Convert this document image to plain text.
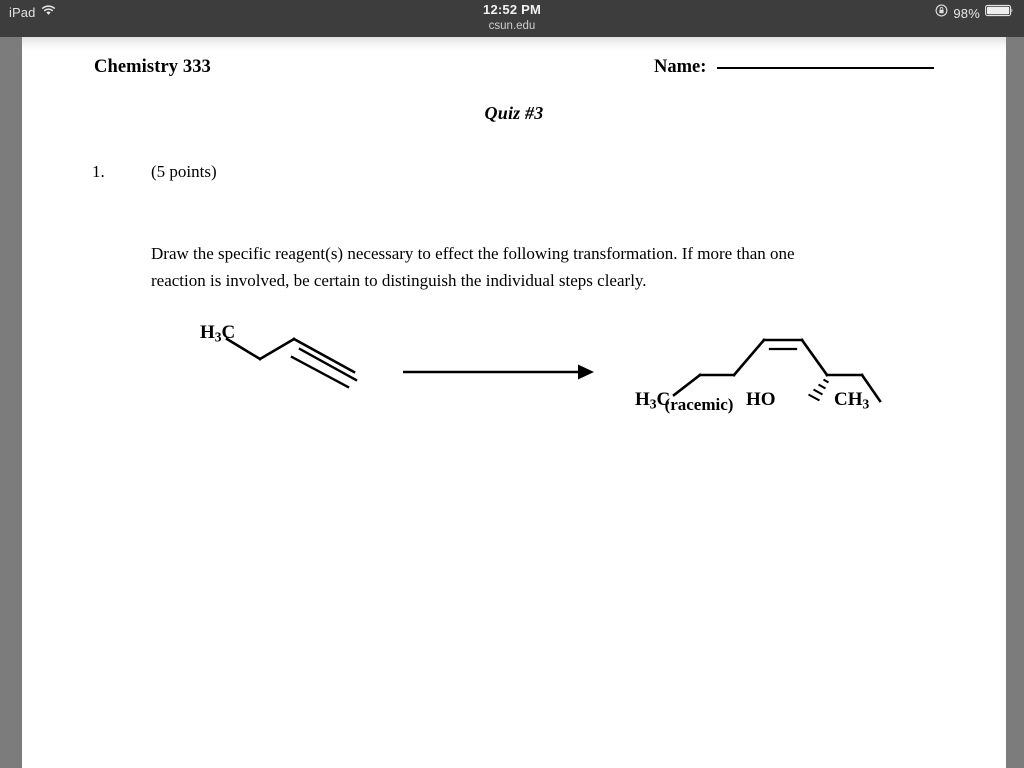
iPad	12:52 PM
csun.edu
98%
Chemistry 333	Name:
Quiz #3
1.	(5 points)
Draw the specific reagent(s) necessary to effect the following transformation. If more than one reaction is involved, be certain to distinguish the individual steps clearly.
$H_3C$
$H_3C$	HO	$CH_3$
(racemic)
